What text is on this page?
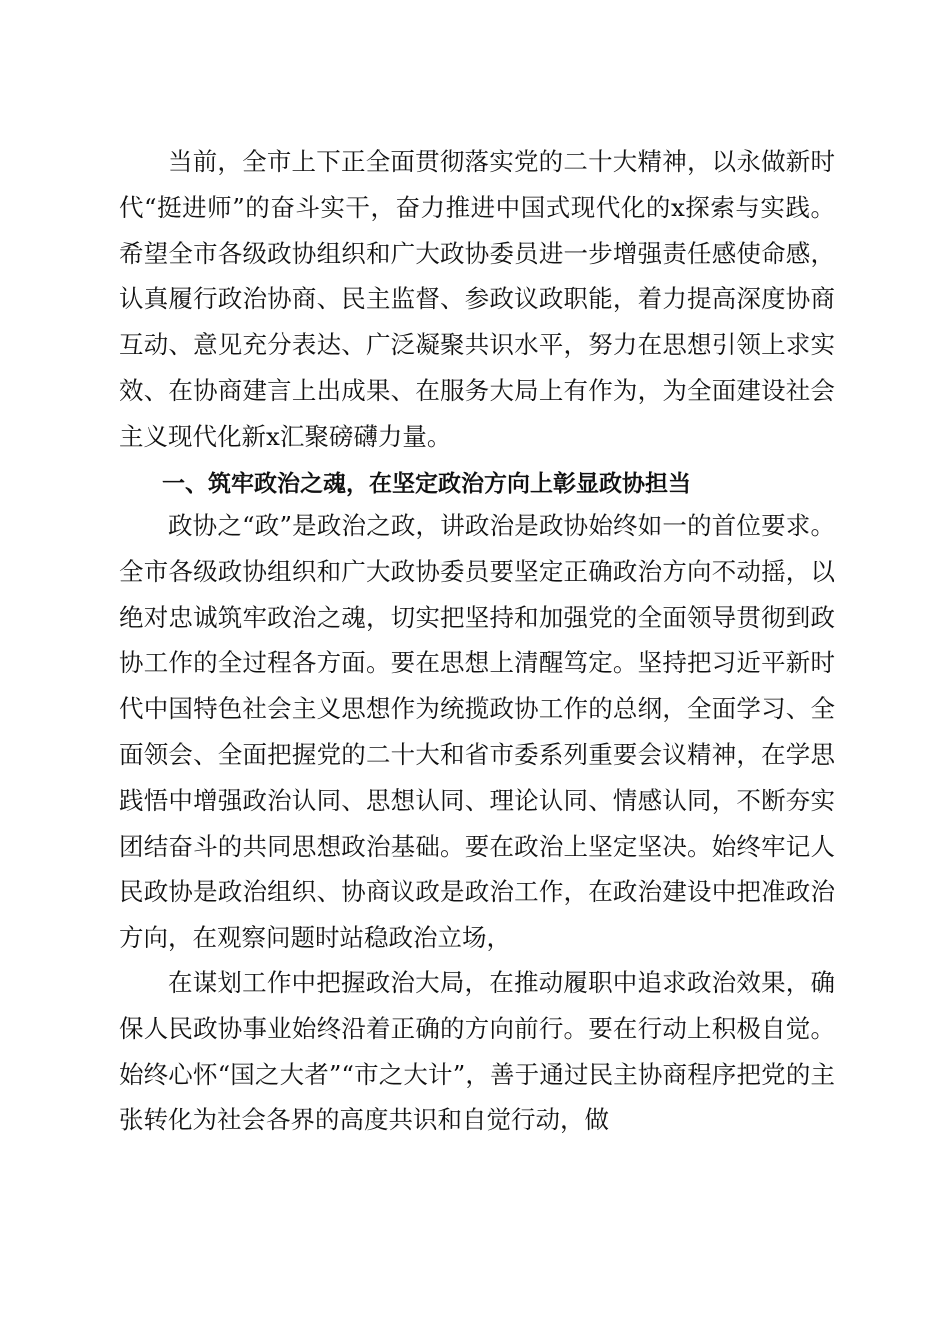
当前，全市上下正全面贯彻落实党的二十大精神，以永做新时代“挺进师”的奋斗实干，奋力推进中国式现代化的x探索与实践。希望全市各级政协组织和广大政协委员进一步增强责任感使命感，认真履行政治协商、民主监督、参政议政职能，着力提高深度协商互动、意见充分表达、广泛凝聚共识水平，努力在思想引领上求实效、在协商建言上出成果、在服务大局上有作为，为全面建设社会主义现代化新x汇聚磅礴力量。

一、筑牢政治之魂，在坚定政治方向上彰显政协担当

政协之“政”是政治之政，讲政治是政协始终如一的首位要求。全市各级政协组织和广大政协委员要坚定正确政治方向不动摇，以绝对忠诚筑牢政治之魂，切实把坚持和加强党的全面领导贯彻到政协工作的全过程各方面。要在思想上清醒笃定。坚持把习近平新时代中国特色社会主义思想作为统揽政协工作的总纲，全面学习、全面领会、全面把握党的二十大和省市委系列重要会议精神，在学思践悟中增强政治认同、思想认同、理论认同、情感认同，不断夯实团结奋斗的共同思想政治基础。要在政治上坚定坚决。始终牢记人民政协是政治组织、协商议政是政治工作，在政治建设中把准政治方向，在观察问题时站稳政治立场，

在谋划工作中把握政治大局，在推动履职中追求政治效果，确保人民政协事业始终沿着正确的方向前行。要在行动上积极自觉。始终心怀“国之大者”“市之大计”，善于通过民主协商程序把党的主张转化为社会各界的高度共识和自觉行动，做
